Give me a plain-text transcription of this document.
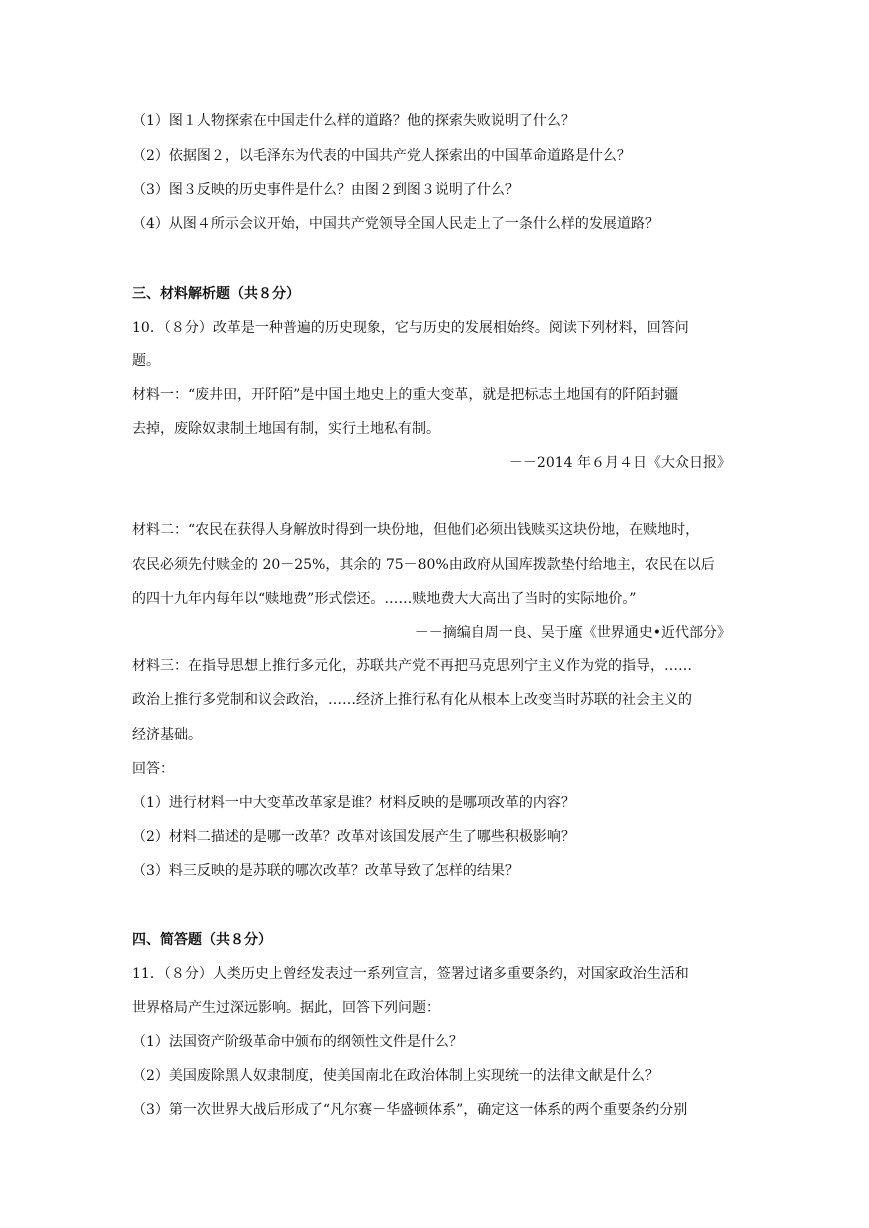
（1）图１人物探索在中国走什么样的道路？他的探索失败说明了什么？
（2）依据图２，以毛泽东为代表的中国共产党人探索出的中国革命道路是什么？
（3）图３反映的历史事件是什么？由图２到图３说明了什么？
（4）从图４所示会议开始，中国共产党领导全国人民走上了一条什么样的发展道路？
三、材料解析题（共８分）
10．（８分）改革是一种普遍的历史现象，它与历史的发展相始终。阅读下列材料，回答问
题。
材料一：“废井田，开阡陌”是中国土地史上的重大变革，就是把标志土地国有的阡陌封疆
去掉，废除奴隶制土地国有制，实行土地私有制。
－－2014 年６月４日《大众日报》
材料二：“农民在获得人身解放时得到一块份地，但他们必须出钱赎买这块份地，在赎地时，
农民必须先付赎金的 20－25%，其余的 75－80%由政府从国库拨款垫付给地主，农民在以后
的四十九年内每年以“赎地费”形式偿还。……赎地费大大高出了当时的实际地价。”
－－摘编自周一良、吴于廑《世界通史•近代部分》
材料三：在指导思想上推行多元化，苏联共产党不再把马克思列宁主义作为党的指导，……
政治上推行多党制和议会政治，……经济上推行私有化从根本上改变当时苏联的社会主义的
经济基础。
回答：
（1）进行材料一中大变革改革家是谁？材料反映的是哪项改革的内容？
（2）材料二描述的是哪一改革？改革对该国发展产生了哪些积极影响？
（3）料三反映的是苏联的哪次改革？改革导致了怎样的结果？
四、简答题（共８分）
11．（８分）人类历史上曾经发表过一系列宣言，签署过诸多重要条约，对国家政治生活和
世界格局产生过深远影响。据此，回答下列问题：
（1）法国资产阶级革命中颁布的纲领性文件是什么？
（2）美国废除黑人奴隶制度，使美国南北在政治体制上实现统一的法律文献是什么？
（3）第一次世界大战后形成了“凡尔赛－华盛顿体系”，确定这一体系的两个重要条约分别
